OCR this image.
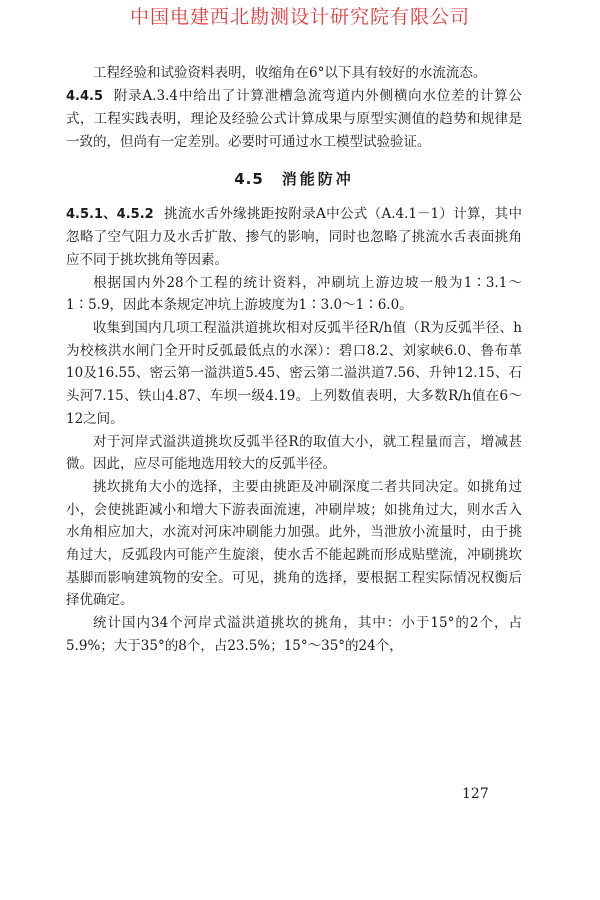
中国电建西北勘测设计研究院有限公司

工程经验和试验资料表明，收缩角在6°以下具有较好的水流流态。

4.4.5 附录A.3.4中给出了计算泄槽急流弯道内外侧横向水位差的计算公式，工程实践表明，理论及经验公式计算成果与原型实测值的趋势和规律是一致的，但尚有一定差别。必要时可通过水工模型试验验证。

4.5 消能防冲

4.5.1、4.5.2 挑流水舌外缘挑距按附录A中公式（A.4.1－1）计算，其中忽略了空气阻力及水舌扩散、掺气的影响，同时也忽略了挑流水舌表面挑角应不同于挑坎挑角等因素。

根据国内外28个工程的统计资料，冲刷坑上游边坡一般为1∶3.1～1∶5.9，因此本条规定冲坑上游坡度为1∶3.0～1∶6.0。

收集到国内几项工程溢洪道挑坎相对反弧半径R/h值（R为反弧半径、h为校核洪水闸门全开时反弧最低点的水深）：碧口8.2、刘家峡6.0、鲁布革10及16.55、密云第一溢洪道5.45、密云第二溢洪道7.56、升钟12.15、石头河7.15、铁山4.87、车坝一级4.19。上列数值表明，大多数R/h值在6～12之间。

对于河岸式溢洪道挑坎反弧半径R的取值大小，就工程量而言，增减甚微。因此，应尽可能地选用较大的反弧半径。

挑坎挑角大小的选择，主要由挑距及冲刷深度二者共同决定。如挑角过小，会使挑距减小和增大下游表面流速，冲刷岸坡；如挑角过大，则水舌入水角相应加大，水流对河床冲刷能力加强。此外，当泄放小流量时，由于挑角过大，反弧段内可能产生旋滚，使水舌不能起跳而形成贴壁流，冲刷挑坎基脚而影响建筑物的安全。可见，挑角的选择，要根据工程实际情况权衡后择优确定。

统计国内34个河岸式溢洪道挑坎的挑角，其中：小于15°的2个，占5.9%；大于35°的8个，占23.5%；15°～35°的24个，

127
